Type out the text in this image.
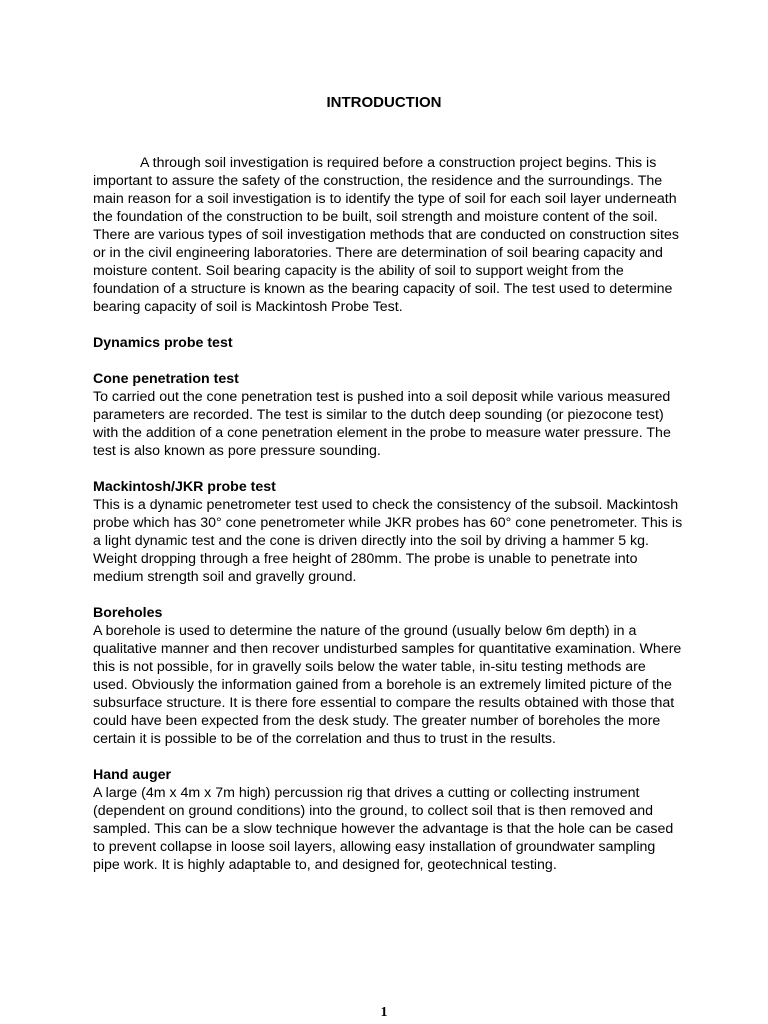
INTRODUCTION

A through soil investigation is required before a construction project begins. This is important to assure the safety of the construction, the residence and the surroundings. The main reason for a soil investigation is to identify the type of soil for each soil layer underneath the foundation of the construction to be built, soil strength and moisture content of the soil. There are various types of soil investigation methods that are conducted on construction sites or in the civil engineering laboratories. There are determination of soil bearing capacity and moisture content. Soil bearing capacity is the ability of soil to support weight from the foundation of a structure is known as the bearing capacity of soil. The test used to determine bearing capacity of soil is Mackintosh Probe Test.

Dynamics probe test

Cone penetration test

To carried out the cone penetration test is pushed into a soil deposit while various measured parameters are recorded. The test is similar to the dutch deep sounding (or piezocone test) with the addition of a cone penetration element in the probe to measure water pressure. The test is also known as pore pressure sounding.

Mackintosh/JKR probe test

This is a dynamic penetrometer test used to check the consistency of the subsoil. Mackintosh probe which has 30° cone penetrometer while JKR probes has 60° cone penetrometer. This is a light dynamic test and the cone is driven directly into the soil by driving a hammer 5 kg. Weight dropping through a free height of 280mm. The probe is unable to penetrate into medium strength soil and gravelly ground.

Boreholes

A borehole is used to determine the nature of the ground (usually below 6m depth) in a qualitative manner and then recover undisturbed samples for quantitative examination. Where this is not possible, for in gravelly soils below the water table, in-situ testing methods are used. Obviously the information gained from a borehole is an extremely limited picture of the subsurface structure. It is there fore essential to compare the results obtained with those that could have been expected from the desk study. The greater number of boreholes the more certain it is possible to be of the correlation and thus to trust in the results.

Hand auger

A large (4m x 4m x 7m high) percussion rig that drives a cutting or collecting instrument (dependent on ground conditions) into the ground, to collect soil that is then removed and sampled. This can be a slow technique however the advantage is that the hole can be cased to prevent collapse in loose soil layers, allowing easy installation of groundwater sampling pipe work. It is highly adaptable to, and designed for, geotechnical testing.

1
